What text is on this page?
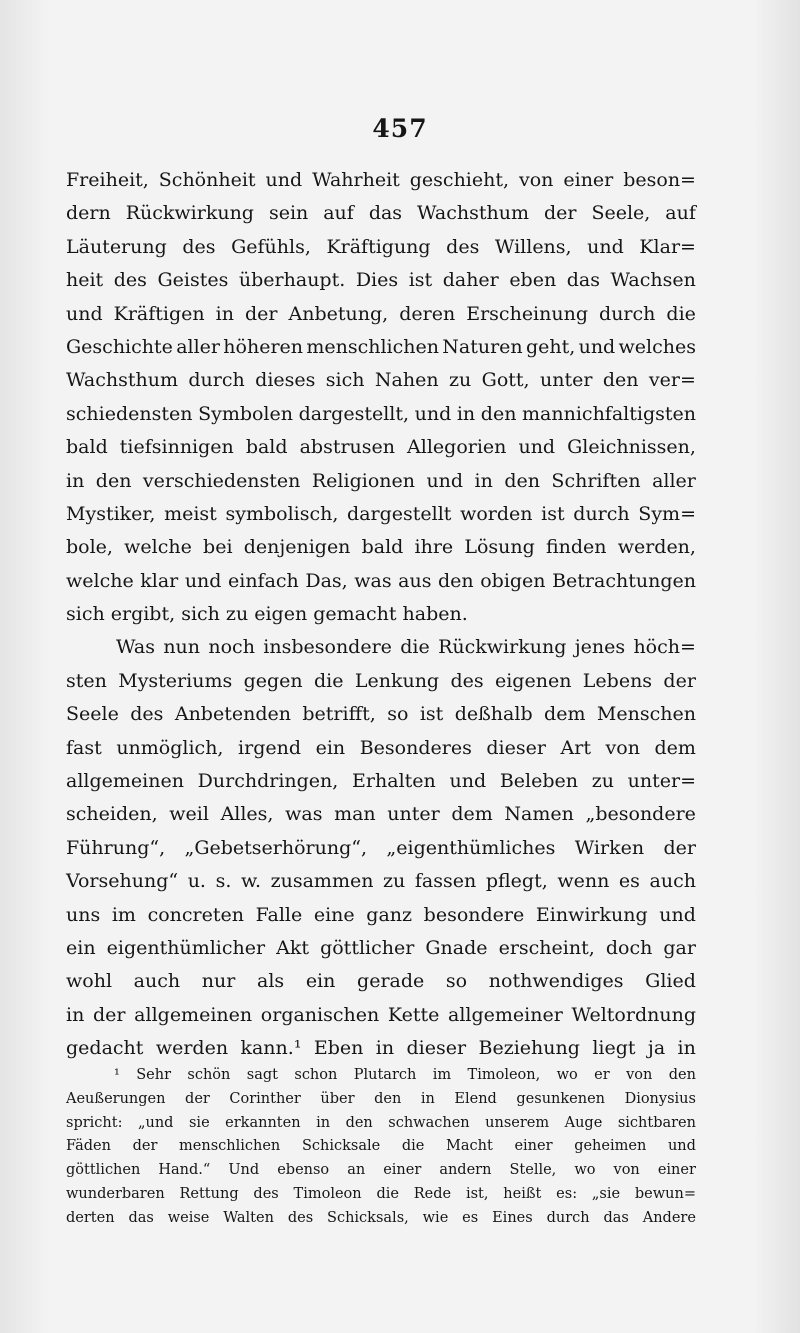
457
Freiheit, Schönheit und Wahrheit geschieht, von einer beson=
dern Rückwirkung sein auf das Wachsthum der Seele, auf
Läuterung des Gefühls, Kräftigung des Willens, und Klar=
heit des Geistes überhaupt. Dies ist daher eben das Wachsen
und Kräftigen in der Anbetung, deren Erscheinung durch die
Geschichte aller höheren menschlichen Naturen geht, und welches
Wachsthum durch dieses sich Nahen zu Gott, unter den ver=
schiedensten Symbolen dargestellt, und in den mannichfaltigsten
bald tiefsinnigen bald abstrusen Allegorien und Gleichnissen,
in den verschiedensten Religionen und in den Schriften aller
Mystiker, meist symbolisch, dargestellt worden ist durch Sym=
bole, welche bei denjenigen bald ihre Lösung finden werden,
welche klar und einfach Das, was aus den obigen Betrachtungen
sich ergibt, sich zu eigen gemacht haben.
Was nun noch insbesondere die Rückwirkung jenes höch=
sten Mysteriums gegen die Lenkung des eigenen Lebens der
Seele des Anbetenden betrifft, so ist deßhalb dem Menschen
fast unmöglich, irgend ein Besonderes dieser Art von dem
allgemeinen Durchdringen, Erhalten und Beleben zu unter=
scheiden, weil Alles, was man unter dem Namen „besondere
Führung“, „Gebetserhörung“, „eigenthümliches Wirken der
Vorsehung“ u. s. w. zusammen zu fassen pflegt, wenn es auch
uns im concreten Falle eine ganz besondere Einwirkung und
ein eigenthümlicher Akt göttlicher Gnade erscheint, doch gar
wohl auch nur als ein gerade so nothwendiges Glied
in der allgemeinen organischen Kette allgemeiner Weltordnung
gedacht werden kann.¹ Eben in dieser Beziehung liegt ja in
¹ Sehr schön sagt schon Plutarch im Timoleon, wo er von den
Aeußerungen der Corinther über den in Elend gesunkenen Dionysius
spricht: „und sie erkannten in den schwachen unserem Auge sichtbaren
Fäden der menschlichen Schicksale die Macht einer geheimen und
göttlichen Hand.“ Und ebenso an einer andern Stelle, wo von einer
wunderbaren Rettung des Timoleon die Rede ist, heißt es: „sie bewun=
derten das weise Walten des Schicksals, wie es Eines durch das Andere
